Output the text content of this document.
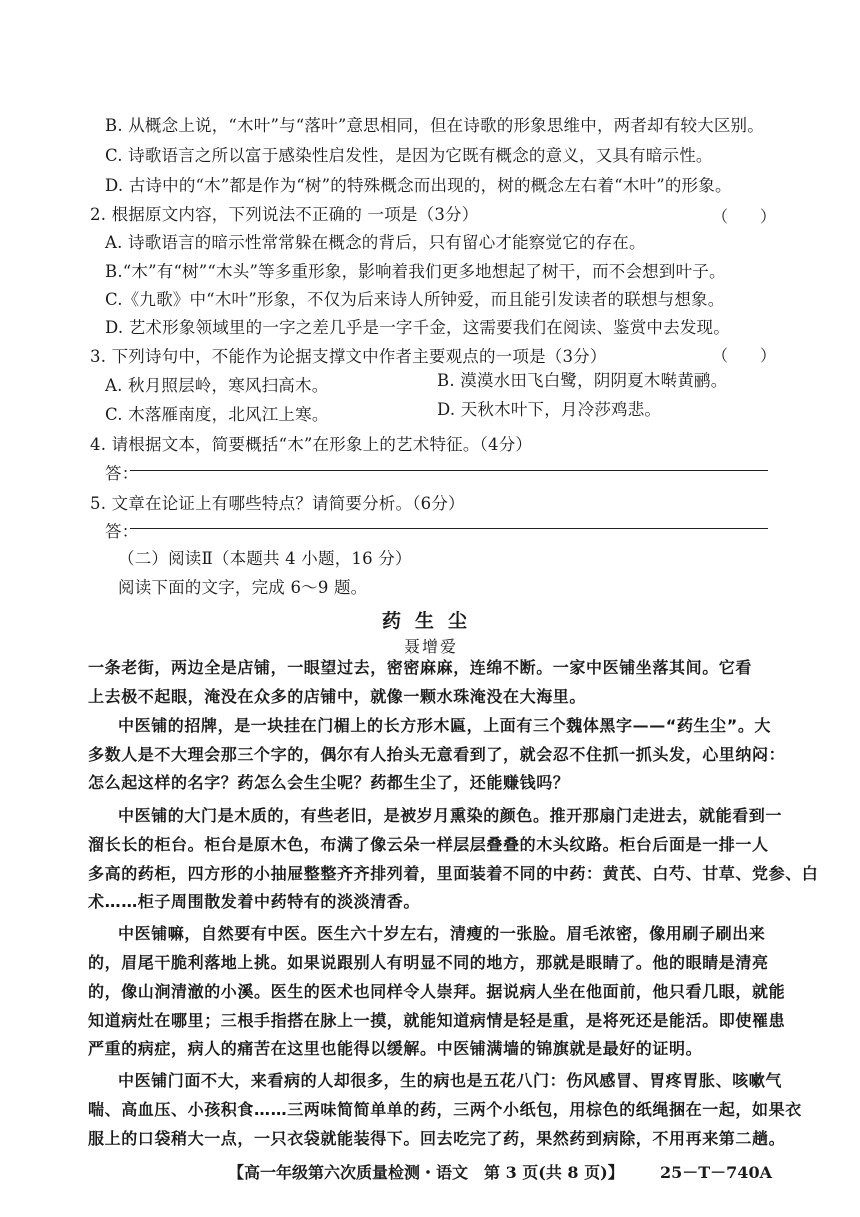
B. 从概念上说，“木叶”与“落叶”意思相同，但在诗歌的形象思维中，两者却有较大区别。
C. 诗歌语言之所以富于感染性启发性，是因为它既有概念的意义，又具有暗示性。
D. 古诗中的“木”都是作为“树”的特殊概念而出现的，树的概念左右着“木叶”的形象。
2. 根据原文内容，下列说法不正确的 一项是（3分）	（　　）
A. 诗歌语言的暗示性常常躲在概念的背后，只有留心才能察觉它的存在。
B.“木”有“树”“木头”等多重形象，影响着我们更多地想起了树干，而不会想到叶子。
C.《九歌》中“木叶”形象，不仅为后来诗人所钟爱，而且能引发读者的联想与想象。
D. 艺术形象领域里的一字之差几乎是一字千金，这需要我们在阅读、鉴赏中去发现。
3. 下列诗句中，不能作为论据支撑文中作者主要观点的一项是（3分）	（　　）
A. 秋月照层岭，寒风扫高木。	B. 漠漠水田飞白鹭，阴阴夏木啭黄鹂。
C. 木落雁南度，北风江上寒。	D. 天秋木叶下，月冷莎鸡悲。
4. 请根据文本，简要概括“木”在形象上的艺术特征。（4分）
答：
5. 文章在论证上有哪些特点？请简要分析。（6分）
答：
（二）阅读Ⅱ（本题共 4 小题，16 分）
阅读下面的文字，完成 6～9 题。
药生尘
聂增爱
一条老街，两边全是店铺，一眼望过去，密密麻麻，连绵不断。一家中医铺坐落其间。它看
上去极不起眼，淹没在众多的店铺中，就像一颗水珠淹没在大海里。
中医铺的招牌，是一块挂在门楣上的长方形木匾，上面有三个魏体黑字——“药生尘”。大
多数人是不大理会那三个字的，偶尔有人抬头无意看到了，就会忍不住抓一抓头发，心里纳闷：
怎么起这样的名字？药怎么会生尘呢？药都生尘了，还能赚钱吗？
中医铺的大门是木质的，有些老旧，是被岁月熏染的颜色。推开那扇门走进去，就能看到一
溜长长的柜台。柜台是原木色，布满了像云朵一样层层叠叠的木头纹路。柜台后面是一排一人
多高的药柜，四方形的小抽屉整整齐齐排列着，里面装着不同的中药：黄芪、白芍、甘草、党参、白
术……柜子周围散发着中药特有的淡淡清香。
中医铺嘛，自然要有中医。医生六十岁左右，清瘦的一张脸。眉毛浓密，像用刷子刷出来
的，眉尾干脆利落地上挑。如果说跟别人有明显不同的地方，那就是眼睛了。他的眼睛是清亮
的，像山涧清澈的小溪。医生的医术也同样令人崇拜。据说病人坐在他面前，他只看几眼，就能
知道病灶在哪里；三根手指搭在脉上一摸，就能知道病情是轻是重，是将死还是能活。即使罹患
严重的病症，病人的痛苦在这里也能得以缓解。中医铺满墙的锦旗就是最好的证明。
中医铺门面不大，来看病的人却很多，生的病也是五花八门：伤风感冒、胃疼胃胀、咳嗽气
喘、高血压、小孩积食……三两味简简单单的药，三两个小纸包，用棕色的纸绳捆在一起，如果衣
服上的口袋稍大一点，一只衣袋就能装得下。回去吃完了药，果然药到病除，不用再来第二趟。
【高一年级第六次质量检测・语文　第 3 页(共 8 页)】 25－T－740A
